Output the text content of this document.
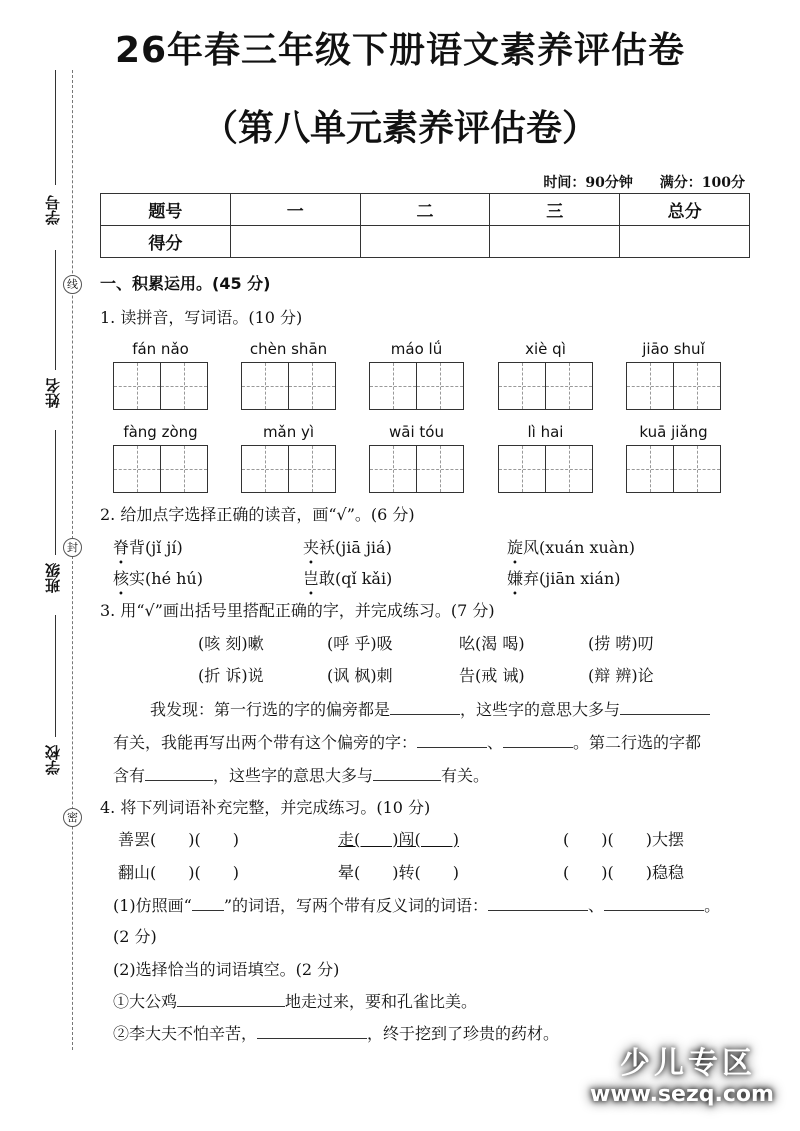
26年春三年级下册语文素养评估卷
（第八单元素养评估卷）
时间：90分钟 满分：100分
题号	一	二	三	总分
得分				
学号
姓名
班级
学校
线
封
密
一、积累运用。(45 分)
1. 读拼音，写词语。(10 分)
fán nǎo	chèn shān	máo lǘ	xiè qì	jiāo shuǐ
fàng zòng	mǎn yì	wāi tóu	lì hai	kuā jiǎng
2. 给加点字选择正确的读音，画“√”。(6 分)
脊背(jǐ jí)	夹袄(jiā jiá)	旋风(xuán xuàn)
核实(hé hú)	岂敢(qǐ kǎi)	嫌弃(jiān xián)
3. 用“√”画出括号里搭配正确的字，并完成练习。(7 分)
(咳 刻)嗽	(呼 乎)吸	吆(渴 喝)	(捞 唠)叨
(折 诉)说	(讽 枫)刺	告(戒 诫)	(辩 辨)论
我发现：第一行选的字的偏旁都是	，这些字的意思大多与
有关，我能再写出两个带有这个偏旁的字：	、	。第二行选的字都
含有	，这些字的意思大多与	有关。
4. 将下列词语补充完整，并完成练习。(10 分)
善罢(　　)(　　)	走(　　)闯(　　)	(　　)(　　)大摆
翻山(　　)(　　)	晕(　　)转(　　)	(　　)(　　)稳稳
(1)仿照画“ ”的词语，写两个带有反义词的词语：	、	。
(2 分)
(2)选择恰当的词语填空。(2 分)
①大公鸡	地走过来，要和孔雀比美。
②李大夫不怕辛苦，	，终于挖到了珍贵的药材。
少儿专区
www.sezq.com
